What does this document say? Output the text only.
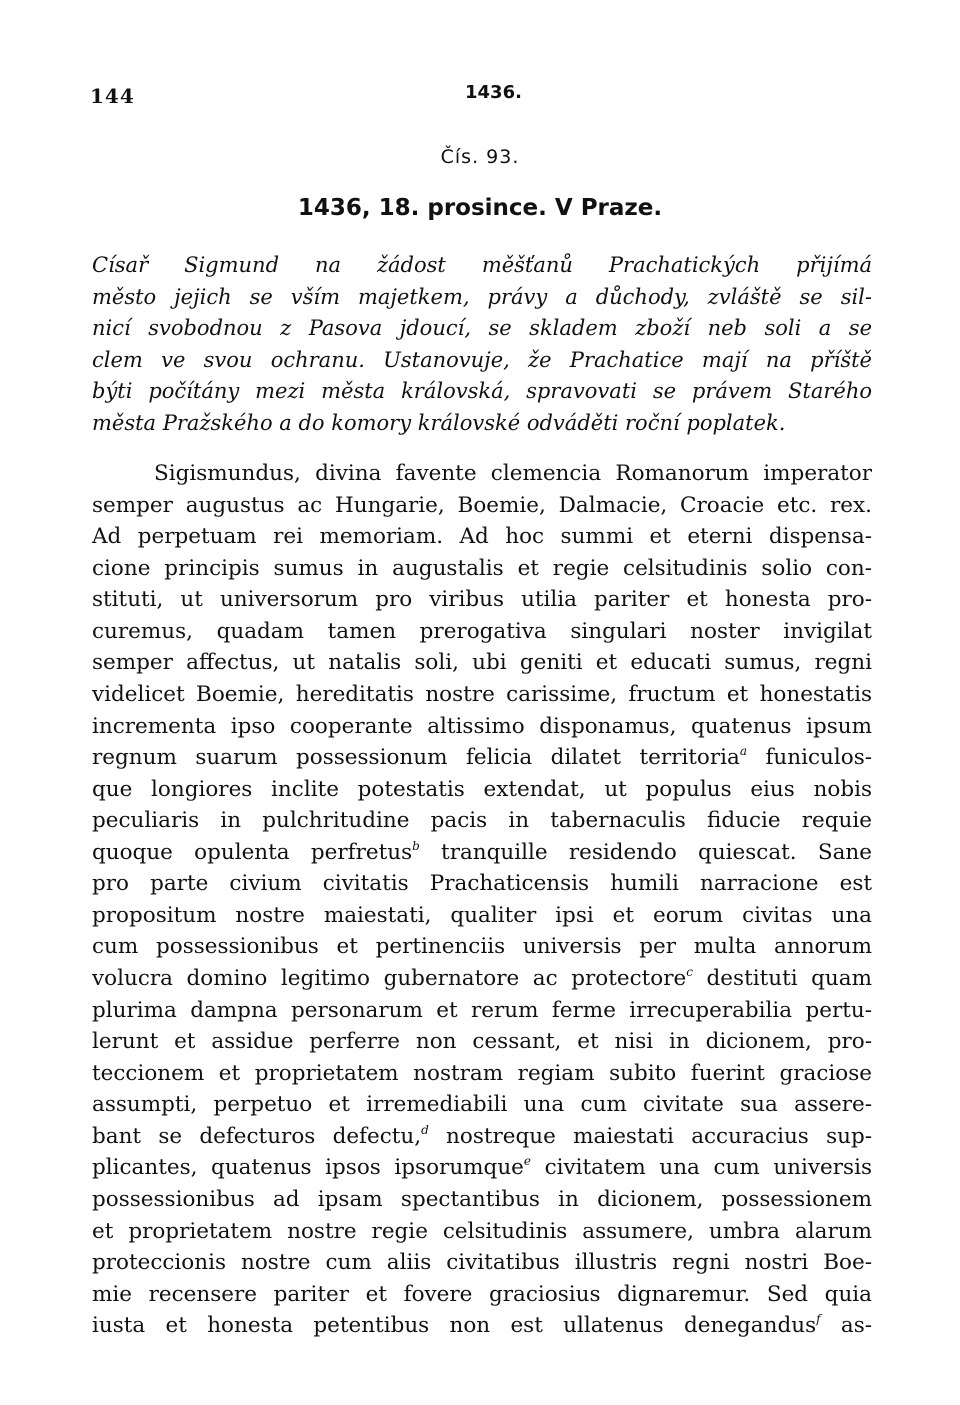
144	1436.
Čís. 93.
1436, 18. prosince. V Praze.
Císař Sigmund na žádost měšťanů Prachatických přijímá
město jejich se vším majetkem, právy a důchody, zvláště se sil-
nicí svobodnou z Pasova jdoucí, se skladem zboží neb soli a se
clem ve svou ochranu. Ustanovuje, že Prachatice mají na příště
býti počítány mezi města královská, spravovati se právem Starého
města Pražského a do komory královské odváděti roční poplatek.
Sigismundus, divina favente clemencia Romanorum imperator
semper augustus ac Hungarie, Boemie, Dalmacie, Croacie etc. rex.
Ad perpetuam rei memoriam. Ad hoc summi et eterni dispensa-
cione principis sumus in augustalis et regie celsitudinis solio con-
stituti, ut universorum pro viribus utilia pariter et honesta pro-
curemus, quadam tamen prerogativa singulari noster invigilat
semper affectus, ut natalis soli, ubi geniti et educati sumus, regni
videlicet Boemie, hereditatis nostre carissime, fructum et honestatis
incrementa ipso cooperante altissimo disponamus, quatenus ipsum
regnum suarum possessionum felicia dilatet territoria$^a$ funiculos-
que longiores inclite potestatis extendat, ut populus eius nobis
peculiaris in pulchritudine pacis in tabernaculis fiducie requie
quoque opulenta perfretus$^b$ tranquille residendo quiescat. Sane
pro parte civium civitatis Prachaticensis humili narracione est
propositum nostre maiestati, qualiter ipsi et eorum civitas una
cum possessionibus et pertinenciis universis per multa annorum
volucra domino legitimo gubernatore ac protectore$^c$ destituti quam
plurima dampna personarum et rerum ferme irrecuperabilia pertu-
lerunt et assidue perferre non cessant, et nisi in dicionem, pro-
teccionem et proprietatem nostram regiam subito fuerint graciose
assumpti, perpetuo et irremediabili una cum civitate sua assere-
bant se defecturos defectu,$^d$ nostreque maiestati accuracius sup-
plicantes, quatenus ipsos ipsorumque$^e$ civitatem una cum universis
possessionibus ad ipsam spectantibus in dicionem, possessionem
et proprietatem nostre regie celsitudinis assumere, umbra alarum
proteccionis nostre cum aliis civitatibus illustris regni nostri Boe-
mie recensere pariter et fovere graciosius dignaremur. Sed quia
iusta et honesta petentibus non est ullatenus denegandus$^f$ as-
